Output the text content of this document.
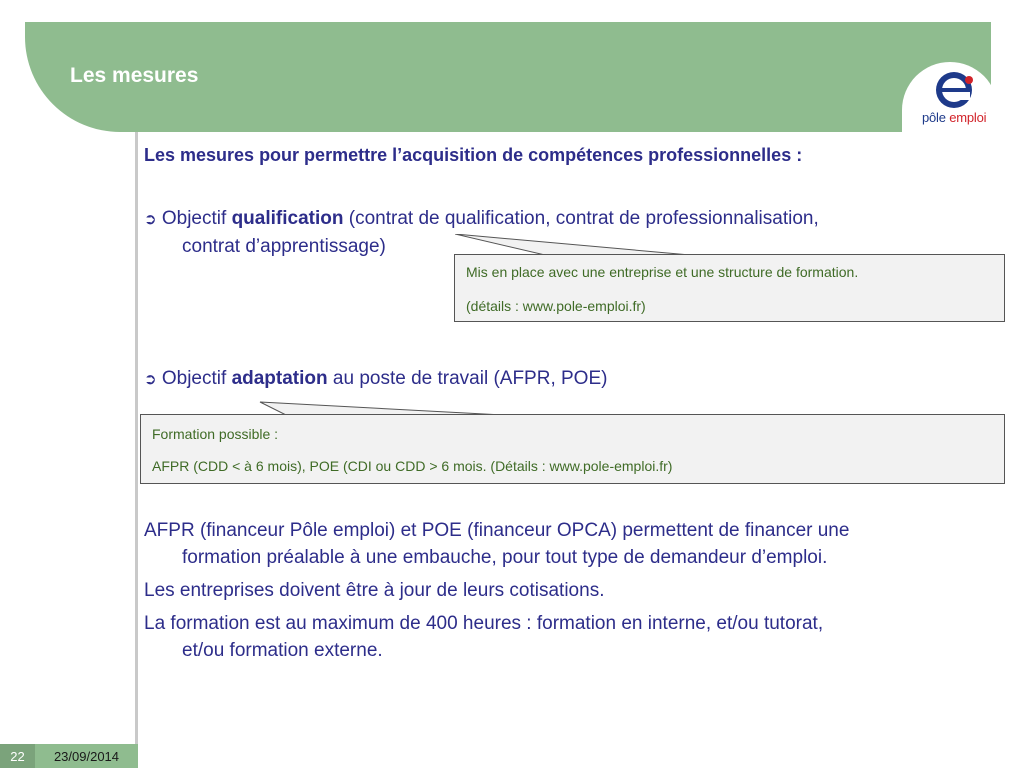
Les mesures
pôle emploi
Les mesures pour permettre l’acquisition de compétences professionnelles :
➲ Objectif qualification (contrat de qualification, contrat de professionnalisation,
contrat d’apprentissage)

Mis en place avec une entreprise et une structure de formation.

(détails : www.pole-emploi.fr)

➲ Objectif adaptation au poste de travail (AFPR, POE)

Formation possible :

AFPR (CDD < à 6 mois), POE (CDI ou CDD > 6 mois. (Détails : www.pole-emploi.fr)

AFPR (financeur Pôle emploi) et POE (financeur OPCA) permettent de financer une
formation préalable à une embauche, pour tout type de demandeur d’emploi.
Les entreprises doivent être à jour de leurs cotisations.
La formation est au maximum de 400 heures : formation en interne, et/ou tutorat,
et/ou formation externe.
22	23/09/2014
